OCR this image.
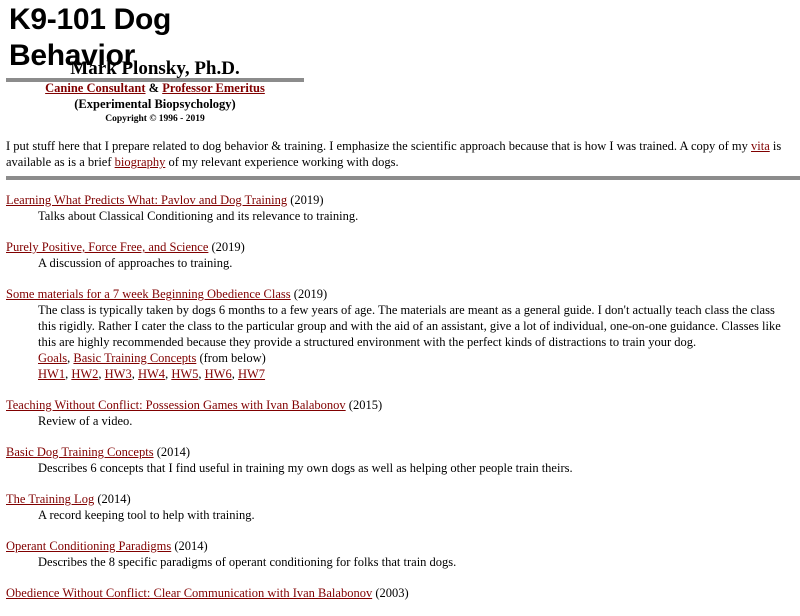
K9-101 Dog Behavior
Mark Plonsky, Ph.D.
Canine Consultant & Professor Emeritus
(Experimental Biopsychology)
Copyright © 1996 - 2019
I put stuff here that I prepare related to dog behavior & training. I emphasize the scientific approach because that is how I was trained. A copy of my vita is available as is a brief biography of my relevant experience working with dogs.
Learning What Predicts What: Pavlov and Dog Training (2019)
Talks about Classical Conditioning and its relevance to training.
Purely Positive, Force Free, and Science (2019)
A discussion of approaches to training.
Some materials for a 7 week Beginning Obedience Class (2019)
The class is typically taken by dogs 6 months to a few years of age. The materials are meant as a general guide. I don't actually teach class the class this rigidly. Rather I cater the class to the particular group and with the aid of an assistant, give a lot of individual, one-on-one guidance. Classes like this are highly recommended because they provide a structured environment with the perfect kinds of distractions to train your dog.
Goals, Basic Training Concepts (from below)
HW1, HW2, HW3, HW4, HW5, HW6, HW7
Teaching Without Conflict: Possession Games with Ivan Balabonov (2015)
Review of a video.
Basic Dog Training Concepts (2014)
Describes 6 concepts that I find useful in training my own dogs as well as helping other people train theirs.
The Training Log (2014)
A record keeping tool to help with training.
Operant Conditioning Paradigms (2014)
Describes the 8 specific paradigms of operant conditioning for folks that train dogs.
Obedience Without Conflict: Clear Communication with Ivan Balabonov (2003)
